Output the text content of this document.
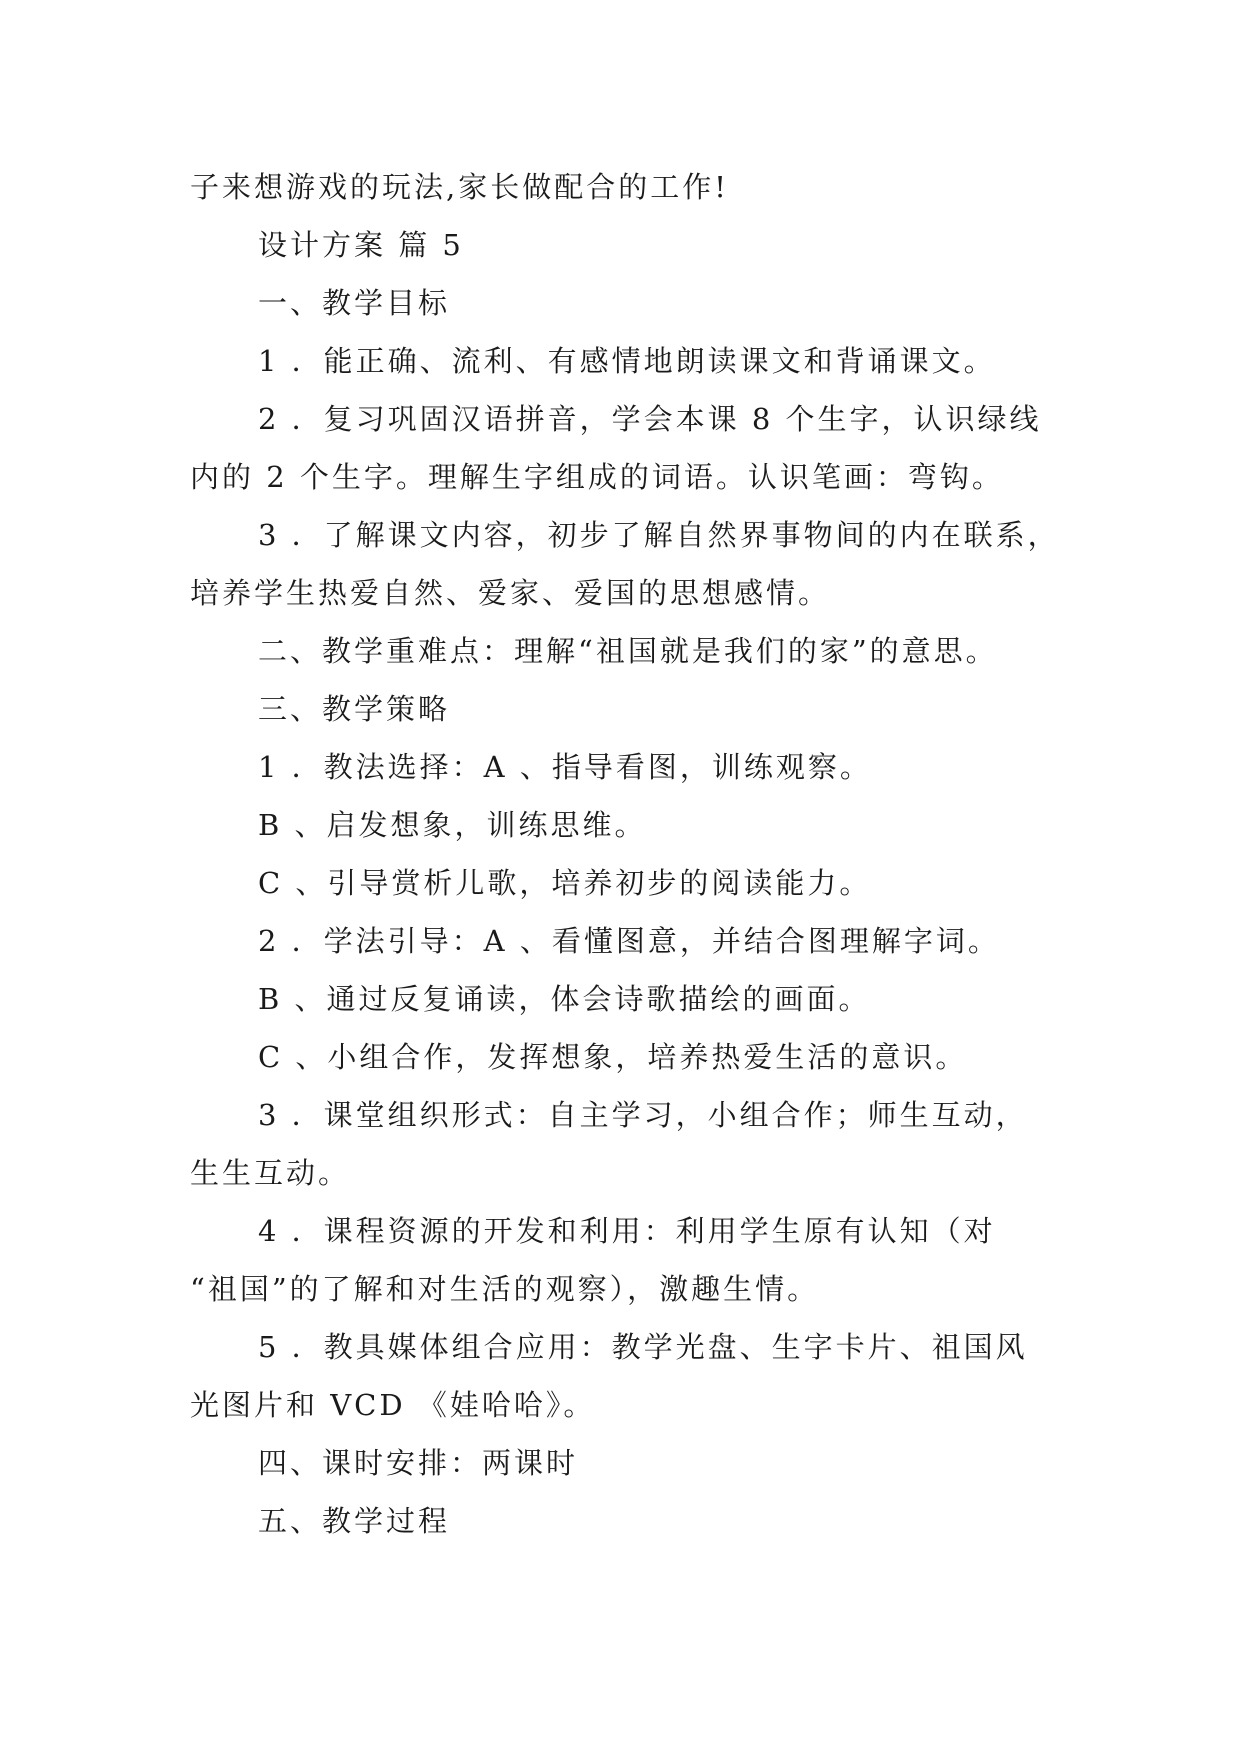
子来想游戏的玩法,家长做配合的工作!
设计方案 篇 5
一、教学目标
1 ．能正确、流利、有感情地朗读课文和背诵课文。
2 ．复习巩固汉语拼音，学会本课 8 个生字，认识绿线
内的 2 个生字。理解生字组成的词语。认识笔画：弯钩。
3 ．了解课文内容，初步了解自然界事物间的内在联系，
培养学生热爱自然、爱家、爱国的思想感情。
二、教学重难点：理解“祖国就是我们的家”的意思。
三、教学策略
1 ．教法选择：A 、指导看图，训练观察。
B 、启发想象，训练思维。
C 、引导赏析儿歌，培养初步的阅读能力。
2 ．学法引导：A 、看懂图意，并结合图理解字词。
B 、通过反复诵读，体会诗歌描绘的画面。
C 、小组合作，发挥想象，培养热爱生活的意识。
3 ．课堂组织形式：自主学习，小组合作；师生互动，
生生互动。
4 ．课程资源的开发和利用：利用学生原有认知（对
“祖国”的了解和对生活的观察），激趣生情。
5 ．教具媒体组合应用：教学光盘、生字卡片、祖国风
光图片和 VCD 《娃哈哈》。
四、课时安排：两课时
五、教学过程
